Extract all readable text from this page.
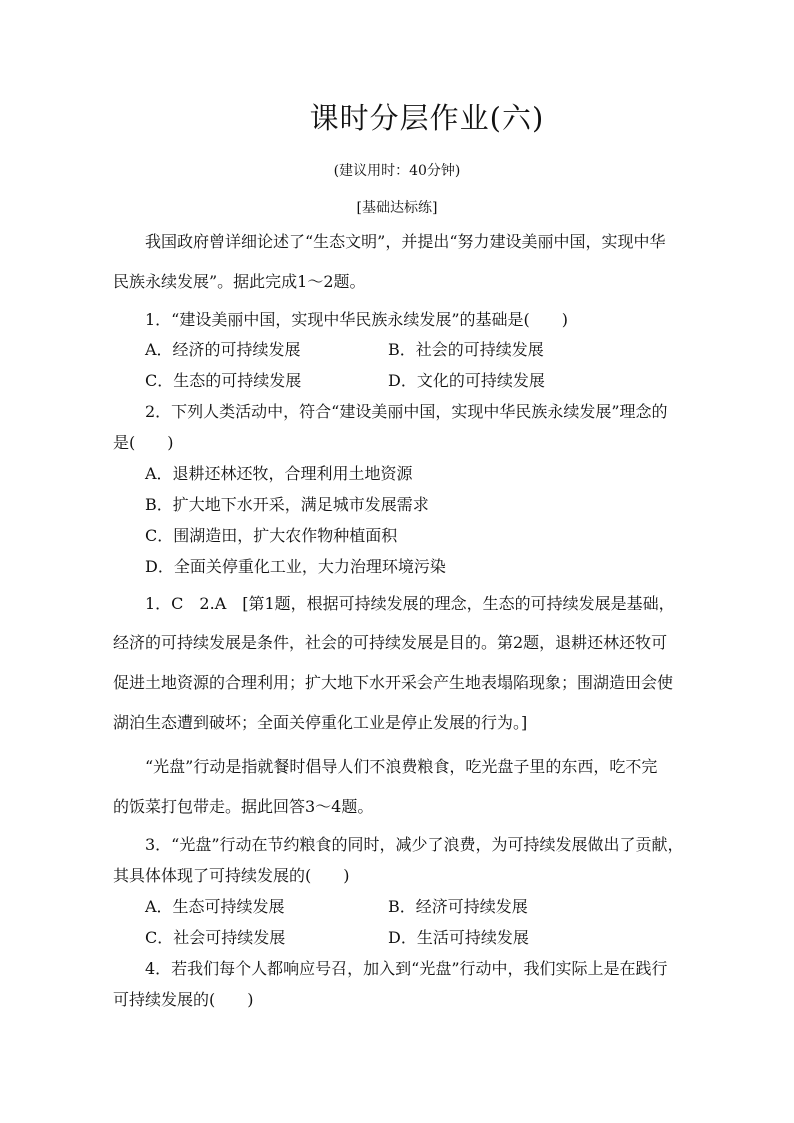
课时分层作业(六)
(建议用时：40分钟)
[基础达标练]
我国政府曾详细论述了“生态文明”，并提出“努力建设美丽中国，实现中华
民族永续发展”。据此完成1～2题。
1．“建设美丽中国，实现中华民族永续发展”的基础是(　　)
A．经济的可持续发展	B．社会的可持续发展
C．生态的可持续发展	D．文化的可持续发展
2．下列人类活动中，符合“建设美丽中国，实现中华民族永续发展”理念的
是(　　)
A．退耕还林还牧，合理利用土地资源
B．扩大地下水开采，满足城市发展需求
C．围湖造田，扩大农作物种植面积
D．全面关停重化工业，大力治理环境污染
1．C　2.A　[第1题，根据可持续发展的理念，生态的可持续发展是基础，
经济的可持续发展是条件，社会的可持续发展是目的。第2题，退耕还林还牧可
促进土地资源的合理利用；扩大地下水开采会产生地表塌陷现象；围湖造田会使
湖泊生态遭到破坏；全面关停重化工业是停止发展的行为。]
“光盘”行动是指就餐时倡导人们不浪费粮食，吃光盘子里的东西，吃不完
的饭菜打包带走。据此回答3～4题。
3．“光盘”行动在节约粮食的同时，减少了浪费，为可持续发展做出了贡献，
其具体体现了可持续发展的(　　)
A．生态可持续发展	B．经济可持续发展
C．社会可持续发展	D．生活可持续发展
4．若我们每个人都响应号召，加入到“光盘”行动中，我们实际上是在践行
可持续发展的(　　)
